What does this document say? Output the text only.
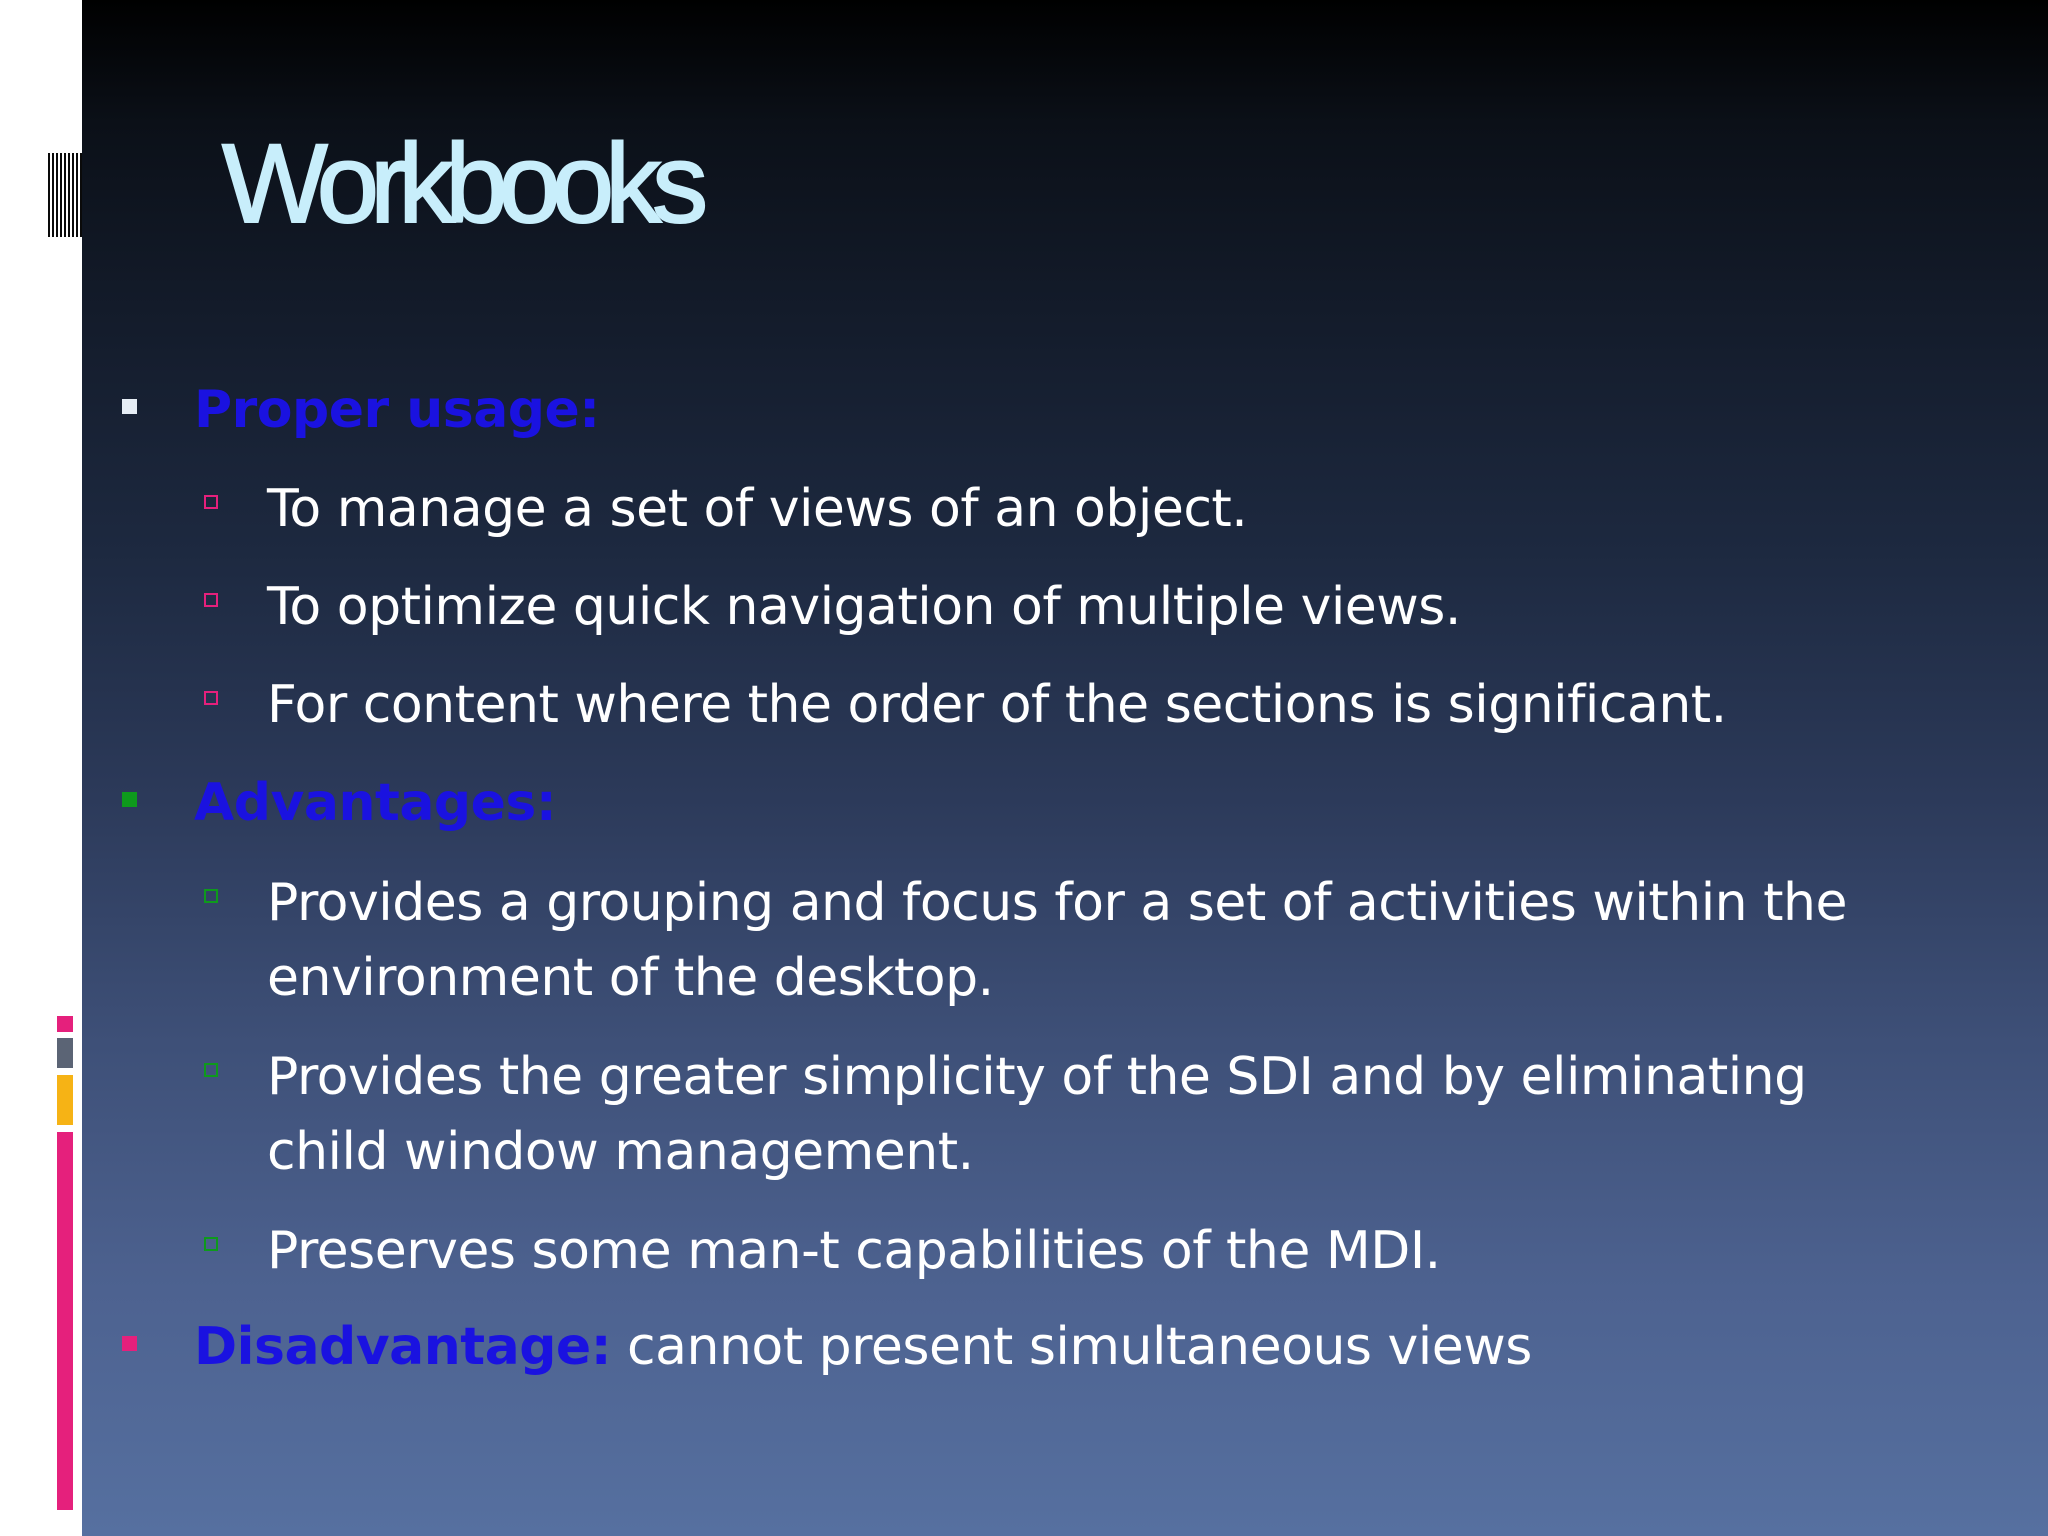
Workbooks
Proper usage:
To manage a set of views of an object.
To optimize quick navigation of multiple views.
For content where the order of the sections is significant.
Advantages:
Provides a grouping and focus for a set of activities within the
environment of the desktop.
Provides the greater simplicity of the SDI and by eliminating
child window management.
Preserves some man-t capabilities of the MDI.
Disadvantage: cannot present simultaneous views
